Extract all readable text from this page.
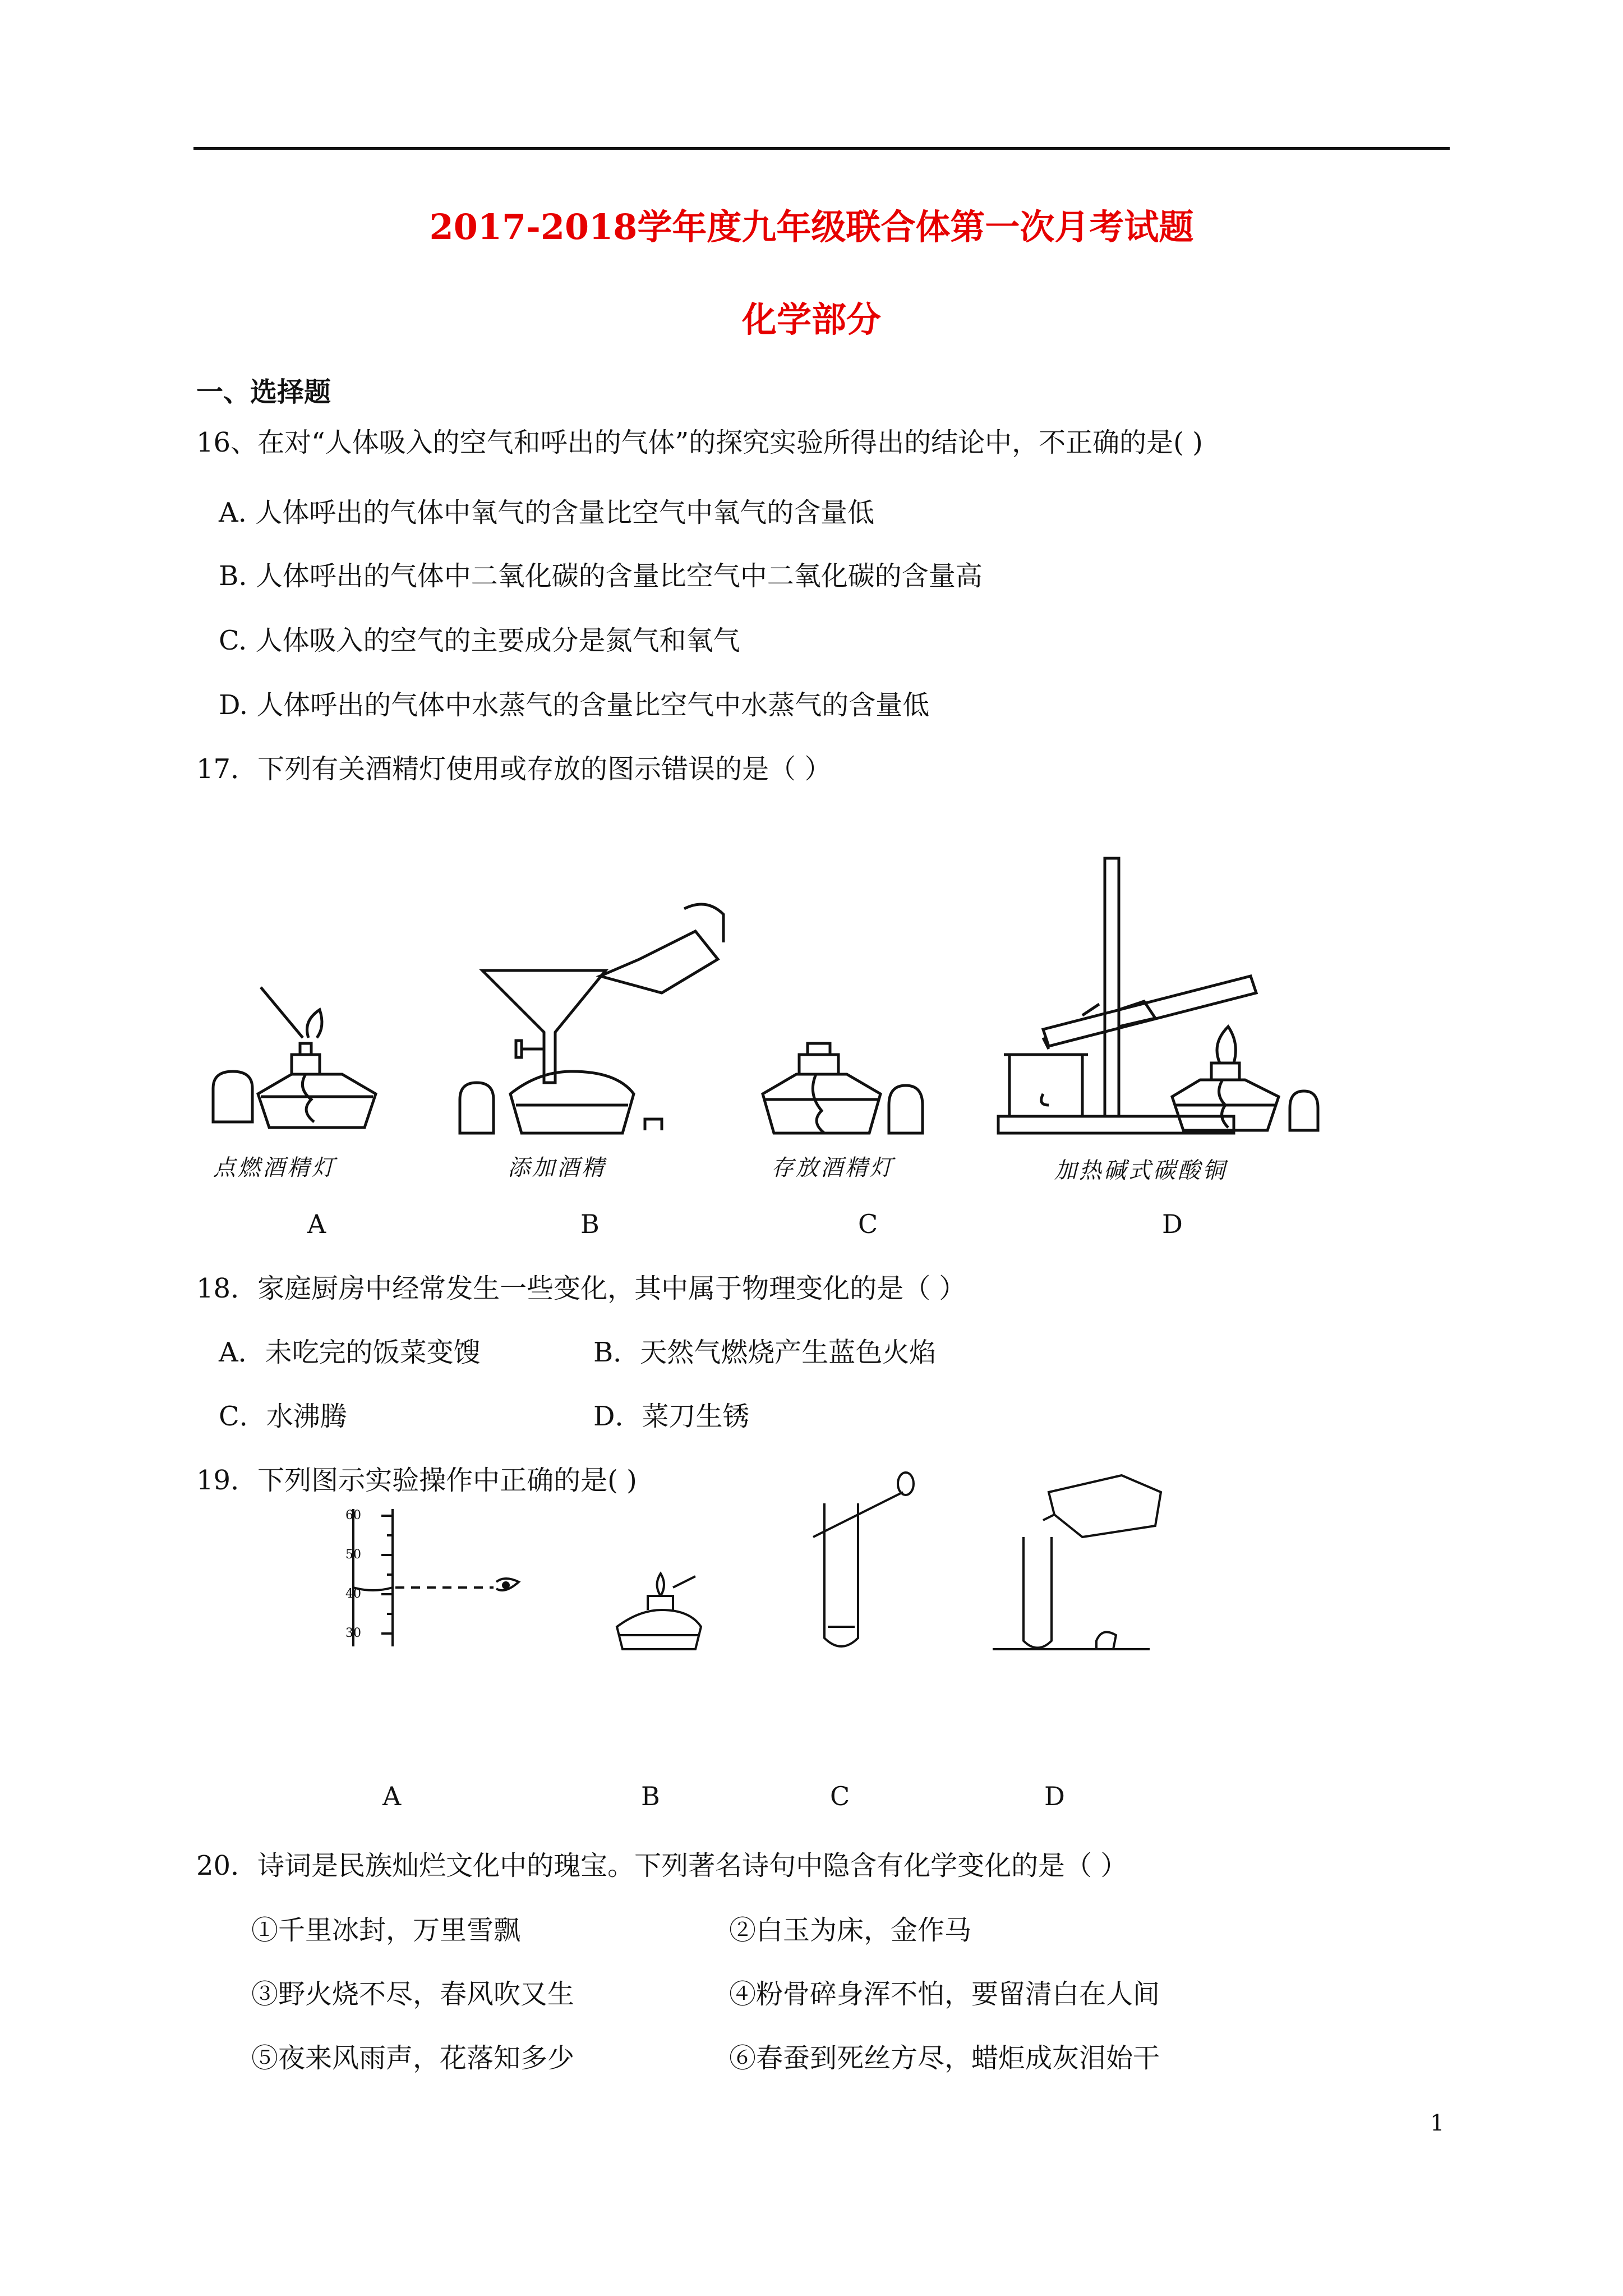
2017-2018学年度九年级联合体第一次月考试题
化学部分
一、选择题
16、在对“人体吸入的空气和呼出的气体”的探究实验所得出的结论中，不正确的是( )
A. 人体呼出的气体中氧气的含量比空气中氧气的含量低
B. 人体呼出的气体中二氧化碳的含量比空气中二氧化碳的含量高
C. 人体吸入的空气的主要成分是氮气和氧气
D. 人体呼出的气体中水蒸气的含量比空气中水蒸气的含量低
17．下列有关酒精灯使用或存放的图示错误的是（ ）
点燃酒精灯
A
添加酒精
B
存放酒精灯
C
加热碱式碳酸铜
D
18．家庭厨房中经常发生一些变化，其中属于物理变化的是（ ）
A．未吃完的饭菜变馊	B．天然气燃烧产生蓝色火焰
C．水沸腾	D．菜刀生锈
19．下列图示实验操作中正确的是( )
60
50
40
30
A	B	C	D
20．诗词是民族灿烂文化中的瑰宝。下列著名诗句中隐含有化学变化的是（ ）
①千里冰封，万里雪飘	②白玉为床，金作马
③野火烧不尽，春风吹又生	④粉骨碎身浑不怕，要留清白在人间
⑤夜来风雨声，花落知多少	⑥春蚕到死丝方尽，蜡炬成灰泪始干
1
